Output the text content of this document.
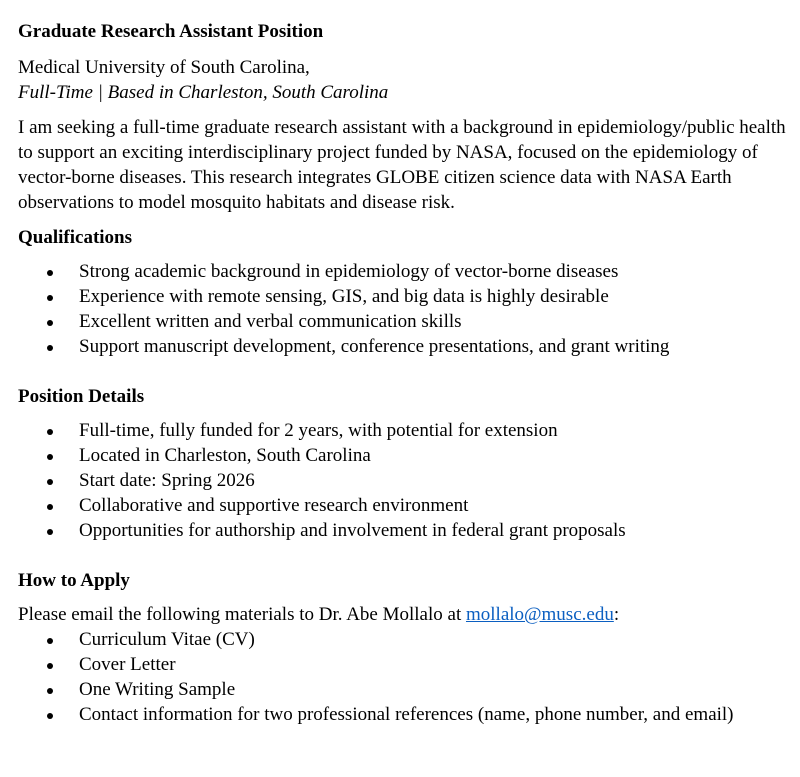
Graduate Research Assistant Position

Medical University of South Carolina,

Full-Time | Based in Charleston, South Carolina

I am seeking a full-time graduate research assistant with a background in epidemiology/public health to support an exciting interdisciplinary project funded by NASA, focused on the epidemiology of vector-borne diseases. This research integrates GLOBE citizen science data with NASA Earth observations to model mosquito habitats and disease risk.

Qualifications
Strong academic background in epidemiology of vector-borne diseases
Experience with remote sensing, GIS, and big data is highly desirable
Excellent written and verbal communication skills
Support manuscript development, conference presentations, and grant writing
Position Details
Full-time, fully funded for 2 years, with potential for extension
Located in Charleston, South Carolina
Start date: Spring 2026
Collaborative and supportive research environment
Opportunities for authorship and involvement in federal grant proposals
How to Apply

Please email the following materials to Dr. Abe Mollalo at mollalo@musc.edu:

Curriculum Vitae (CV)
Cover Letter
One Writing Sample
Contact information for two professional references (name, phone number, and email)
